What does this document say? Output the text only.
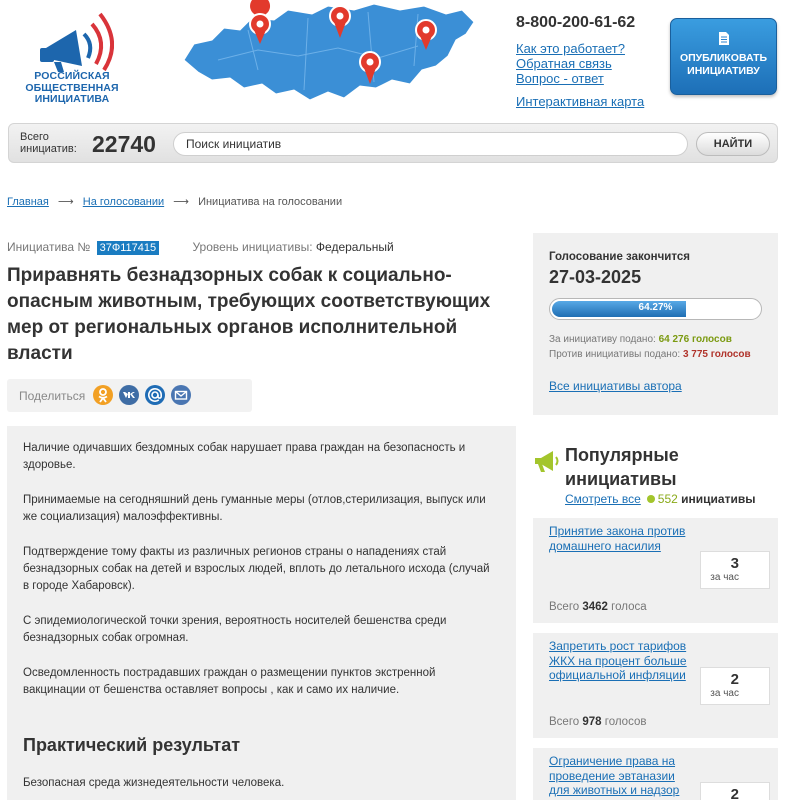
РОССИЙСКАЯ ОБЩЕСТВЕННАЯ ИНИЦИАТИВА
8-800-200-61-62
Как это работает?
Обратная связь
Вопрос - ответ
Интерактивная карта
ОПУБЛИКОВАТЬ ИНИЦИАТИВУ
Всего инициатив: 22740
Поиск инициатив	НАЙТИ
Главная ⟶ На голосовании ⟶ Инициатива на голосовании
Инициатива № 37Ф117415	Уровень инициативы: Федеральный
Приравнять безнадзорных собак к социально-опасным животным, требующих соответствующих мер от региональных органов исполнительной власти
Поделиться

Наличие одичавших бездомных собак нарушает права граждан на безопасность и здоровье.

Принимаемые на сегодняшний день гуманные меры (отлов,стерилизация, выпуск или же социализация) малоэффективны.

Подтверждение тому факты из различных регионов страны о нападениях стай безнадзорных собак на детей и взрослых людей, вплоть до летального исхода (случай в городе Хабаровск).

С эпидемиологической точки зрения, вероятность носителей бешенства среди безнадзорных собак огромная.

Осведомленность пострадавших граждан о размещении пунктов экстренной вакцинации от бешенства оставляет вопросы , как и само их наличие.

Практический результат

Безопасная среда жизнедеятельности человека.

Голосование закончится
27-03-2025
64.27%
За инициативу подано: 64 276 голосов
Против инициативы подано: 3 775 голосов
Все инициативы автора
Популярные инициативы
Смотреть все 552 инициативы
Принятие закона против домашнего насилия
3
за час
Всего 3462 голоса
Запретить рост тарифов ЖКХ на процент больше официальной инфляции	2
за час
Всего 978 голосов
Ограничение права на проведение эвтаназии для животных и надзор	2
